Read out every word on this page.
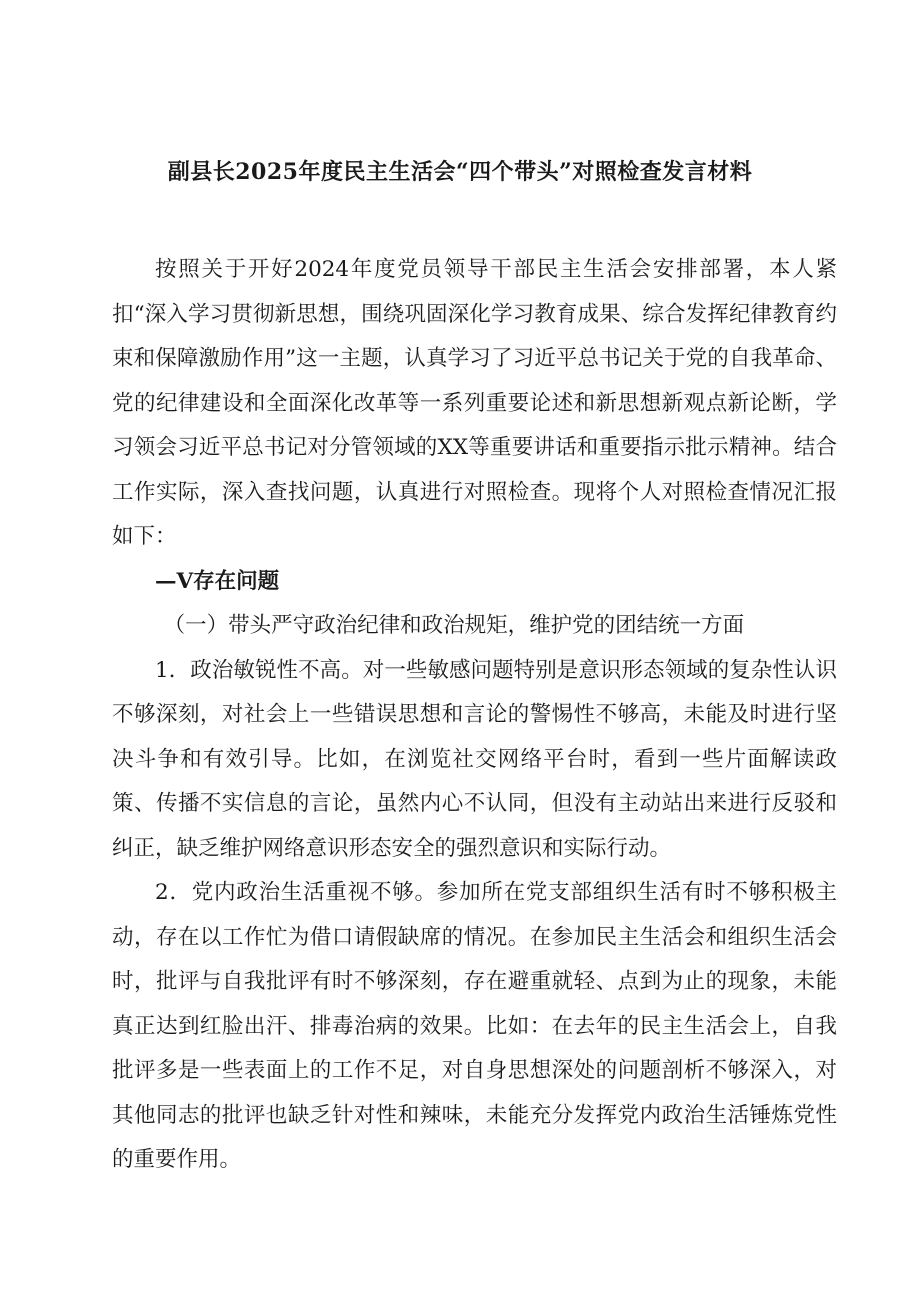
副县长2025年度民主生活会“四个带头”对照检查发言材料

按照关于开好2024年度党员领导干部民主生活会安排部署，本人紧扣“深入学习贯彻新思想，围绕巩固深化学习教育成果、综合发挥纪律教育约束和保障激励作用”这一主题，认真学习了习近平总书记关于党的自我革命、党的纪律建设和全面深化改革等一系列重要论述和新思想新观点新论断，学习领会习近平总书记对分管领域的XX等重要讲话和重要指示批示精神。结合工作实际，深入查找问题，认真进行对照检查。现将个人对照检查情况汇报如下：

—V存在问题

（一）带头严守政治纪律和政治规矩，维护党的团结统一方面

1．政治敏锐性不高。对一些敏感问题特别是意识形态领域的复杂性认识不够深刻，对社会上一些错误思想和言论的警惕性不够高，未能及时进行坚决斗争和有效引导。比如，在浏览社交网络平台时，看到一些片面解读政策、传播不实信息的言论，虽然内心不认同，但没有主动站出来进行反驳和纠正，缺乏维护网络意识形态安全的强烈意识和实际行动。

2．党内政治生活重视不够。参加所在党支部组织生活有时不够积极主动，存在以工作忙为借口请假缺席的情况。在参加民主生活会和组织生活会时，批评与自我批评有时不够深刻，存在避重就轻、点到为止的现象，未能真正达到红脸出汗、排毒治病的效果。比如：在去年的民主生活会上，自我批评多是一些表面上的工作不足，对自身思想深处的问题剖析不够深入，对其他同志的批评也缺乏针对性和辣味，未能充分发挥党内政治生活锤炼党性的重要作用。
